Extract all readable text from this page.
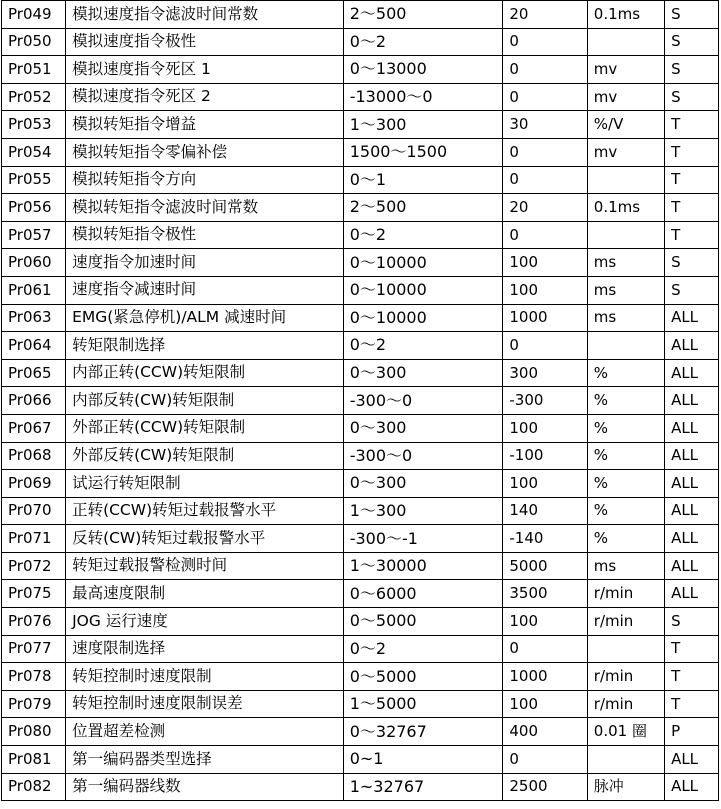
Pr049	模拟速度指令滤波时间常数	2～500	20	0.1ms	S
Pr050	模拟速度指令极性	0～2	0		S
Pr051	模拟速度指令死区 1	0～13000	0	mv	S
Pr052	模拟速度指令死区 2	-13000～0	0	mv	S
Pr053	模拟转矩指令增益	1～300	30	%/V	T
Pr054	模拟转矩指令零偏补偿	1500～1500	0	mv	T
Pr055	模拟转矩指令方向	0～1	0		T
Pr056	模拟转矩指令滤波时间常数	2～500	20	0.1ms	T
Pr057	模拟转矩指令极性	0～2	0		T
Pr060	速度指令加速时间	0～10000	100	ms	S
Pr061	速度指令减速时间	0～10000	100	ms	S
Pr063	EMG(紧急停机)/ALM 减速时间	0～10000	1000	ms	ALL
Pr064	转矩限制选择	0～2	0		ALL
Pr065	内部正转(CCW)转矩限制	0～300	300	%	ALL
Pr066	内部反转(CW)转矩限制	-300～0	-300	%	ALL
Pr067	外部正转(CCW)转矩限制	0～300	100	%	ALL
Pr068	外部反转(CW)转矩限制	-300～0	-100	%	ALL
Pr069	试运行转矩限制	0～300	100	%	ALL
Pr070	正转(CCW)转矩过载报警水平	1～300	140	%	ALL
Pr071	反转(CW)转矩过载报警水平	-300～-1	-140	%	ALL
Pr072	转矩过载报警检测时间	1～30000	5000	ms	ALL
Pr075	最高速度限制	0～6000	3500	r/min	ALL
Pr076	JOG 运行速度	0～5000	100	r/min	S
Pr077	速度限制选择	0～2	0		T
Pr078	转矩控制时速度限制	0～5000	1000	r/min	T
Pr079	转矩控制时速度限制误差	1～5000	100	r/min	T
Pr080	位置超差检测	0～32767	400	0.01 圈	P
Pr081	第一编码器类型选择	0~1	0		ALL
Pr082	第一编码器线数	1~32767	2500	脉冲	ALL
